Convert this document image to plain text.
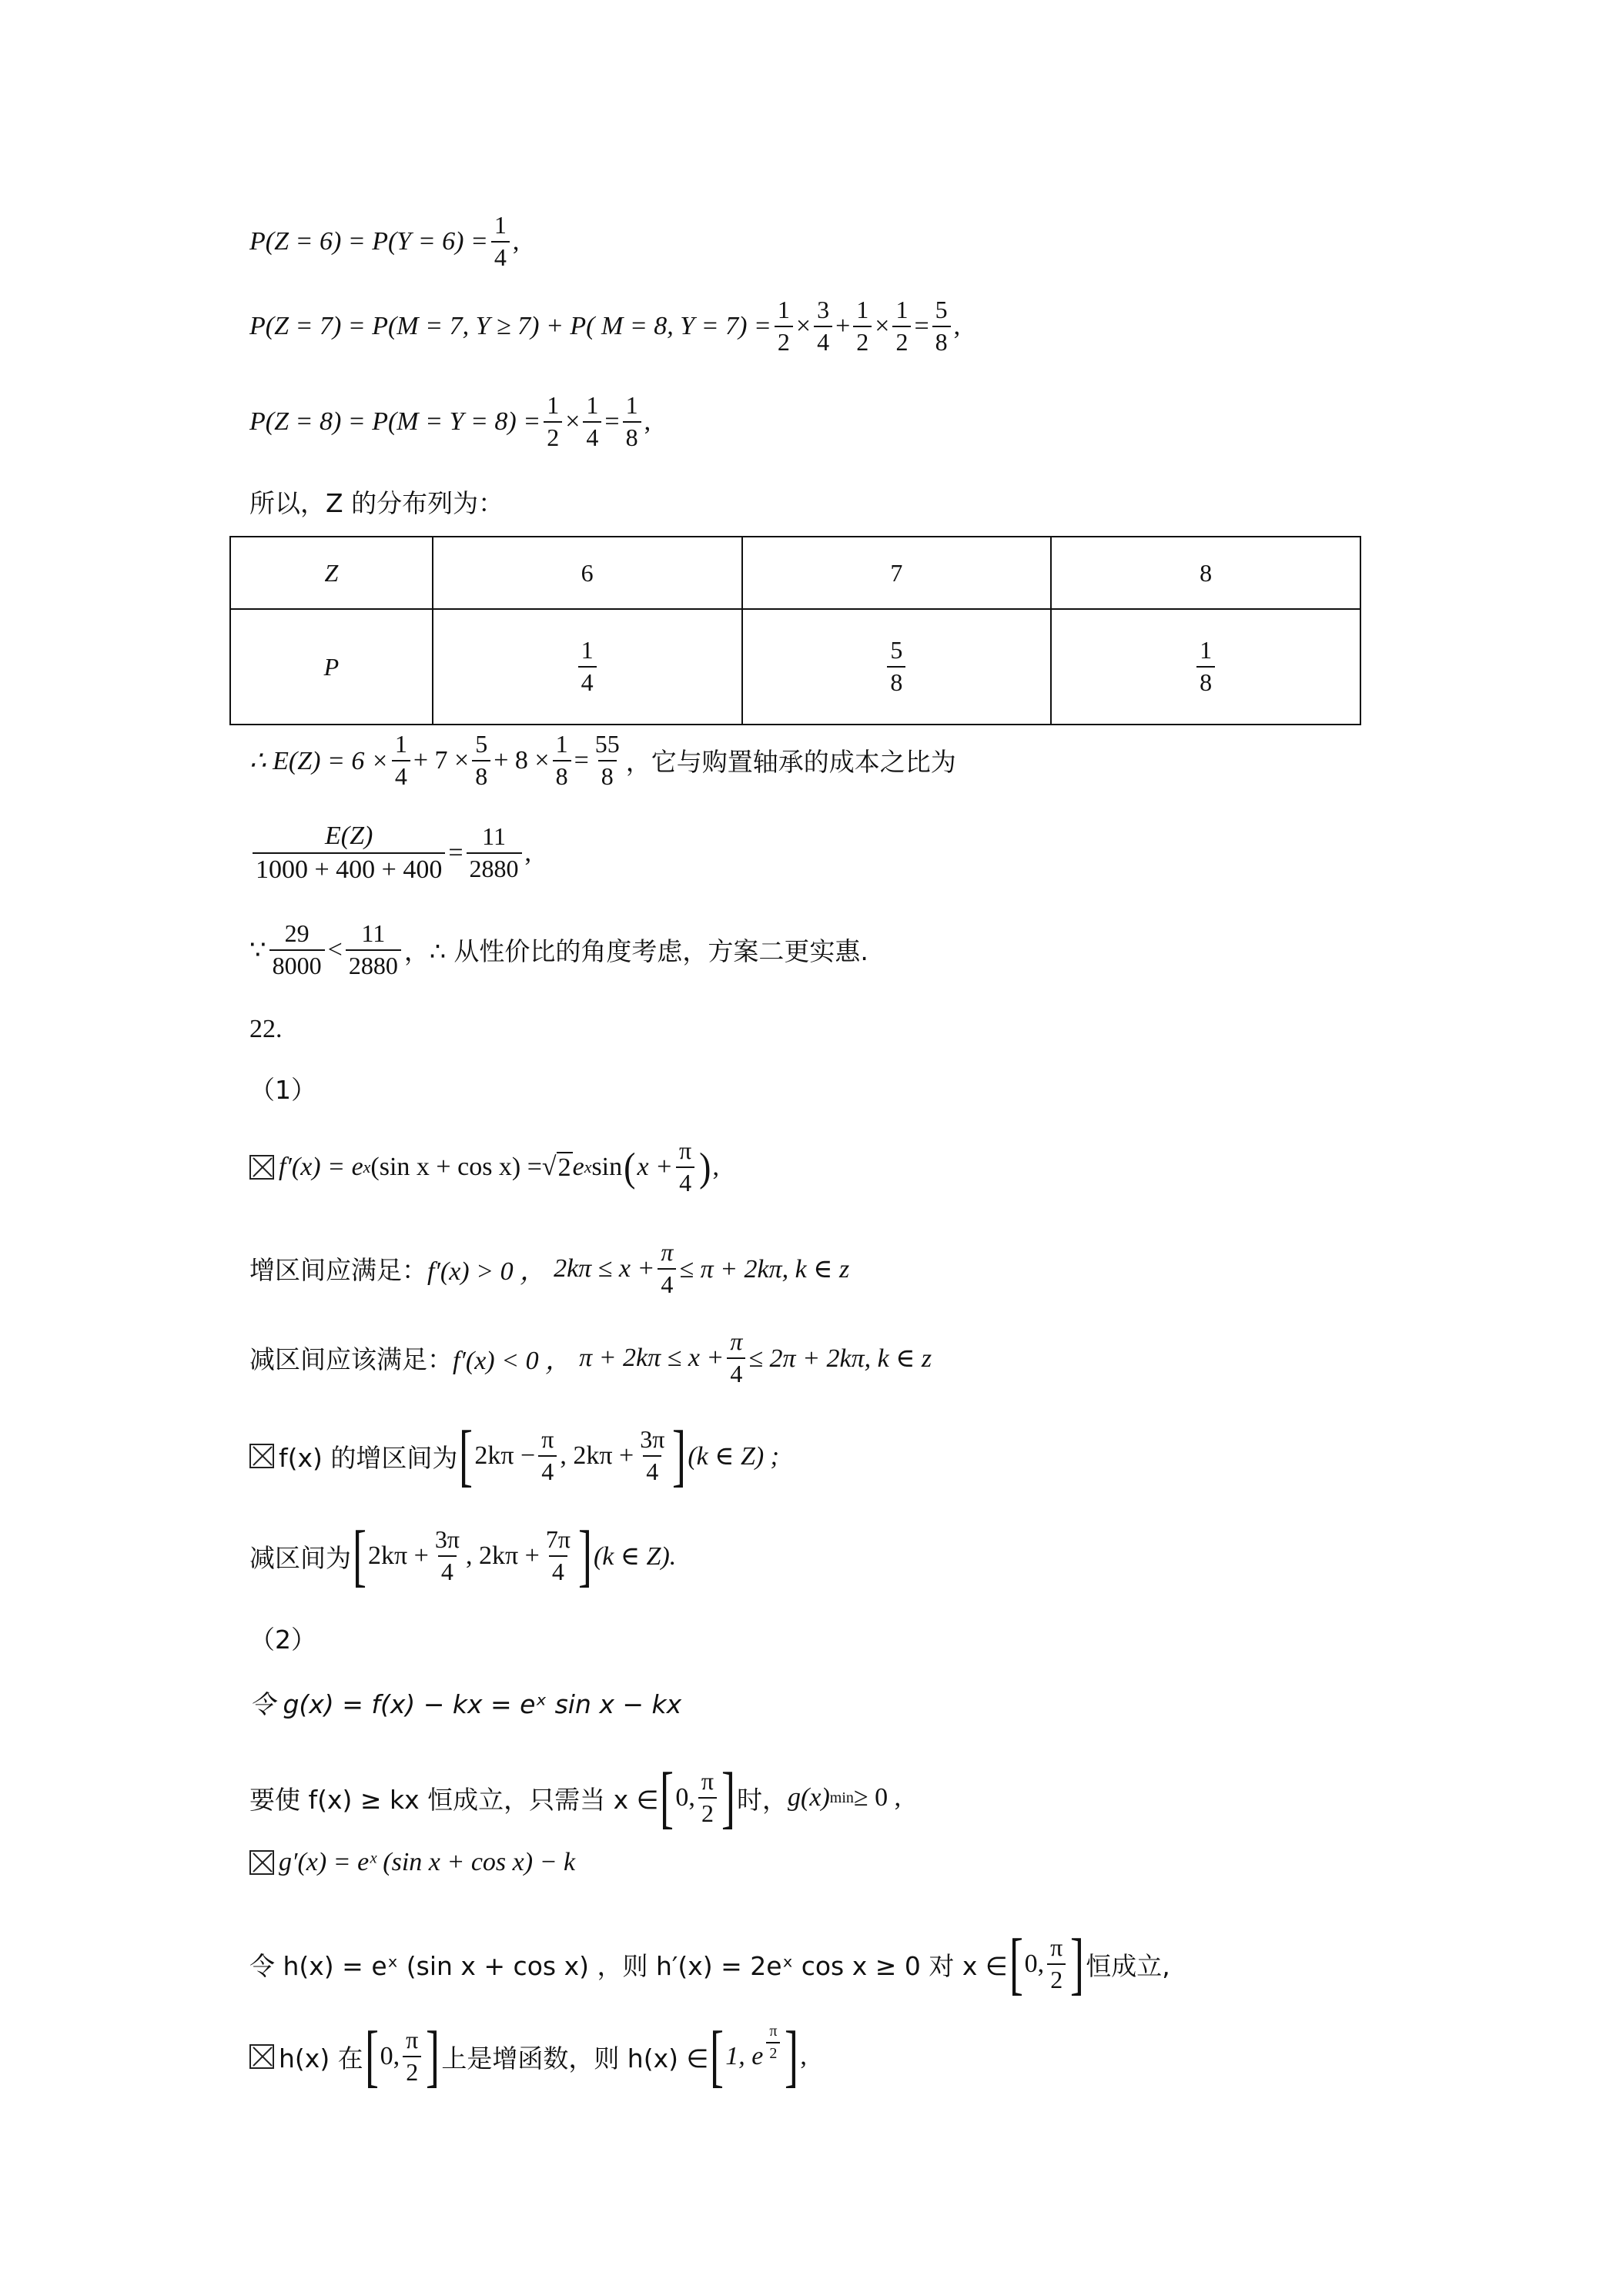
$P(Z = 6) = P(Y = 6) = \frac{1}{4}$ ,
P(Z = 7) = P(M = 7, Y ≥ 7) + P( M = 8, $Y = 7) = \frac{1}{2} \times \frac{3}{4} + \frac{1}{2} \times \frac{1}{2} = \frac{5}{8}$ ,
$P(Z = 8) = P(M = Y = 8) = \frac{1}{2} \times \frac{1}{4} = \frac{1}{8}$ ,
所以，Z 的分布列为：
Z	6	7	8
P	$\frac{1}{4}$	$\frac{5}{8}$	$\frac{1}{8}$
∴ $E(Z) = 6 \times \frac{1}{4} + 7 \times \frac{5}{8} + 8 \times \frac{1}{8} = \frac{55}{8}$ ，它与购置轴承的成本之比为
$\frac{E(Z)}{1000 + 400 + 400} = \frac{11}{2880}$ ,
∵ $\frac{29}{8000} < \frac{11}{2880}$ ，∴ 从性价比的角度考虑，方案二更实惠.
22.
（1）
f′(x) = e x (sin x + cos x) = √ 2 e x sin ( $x + \frac{\pi}{4}$ ) ,
增区间应满足： f′(x) > 0 ， $2k\pi \le x + \frac{\pi}{4} \le \pi + 2k\pi$, k ∈ z
减区间应该满足： f′(x) < 0 ， $\pi + 2k\pi \le x + \frac{\pi}{4} \le 2\pi + 2k\pi$, k ∈ z
f(x) 的增区间为 [ $2k\pi - \frac{\pi}{4}$ , $2k\pi + \frac{3\pi}{4}$ ] (k ∈ Z) ;
减区间为 [ $2k\pi + \frac{3\pi}{4}$ , $2k\pi + \frac{7\pi}{4}$ ] (k ∈ Z).
（2）
令 g(x) = f(x) − kx = eˣ sin x − kx
要使 f(x) ≥ kx 恒成立，只需当 x ∈ [ 0, $\frac{\pi}{2}$ ] 时， g(x) min ≥ 0 ,
g′(x) = eˣ (sin x + cos x) − k
令 h(x) = eˣ (sin x + cos x) ，则 h′(x) = 2eˣ cos x ≥ 0 对 x ∈ [ 0, $\frac{\pi}{2}$ ] 恒成立,
h(x) 在 [ 0, $\frac{\pi}{2}$ ] 上是增函数，则 h(x) ∈ [ 1, e $\frac{\pi}{2}$ ] ,
